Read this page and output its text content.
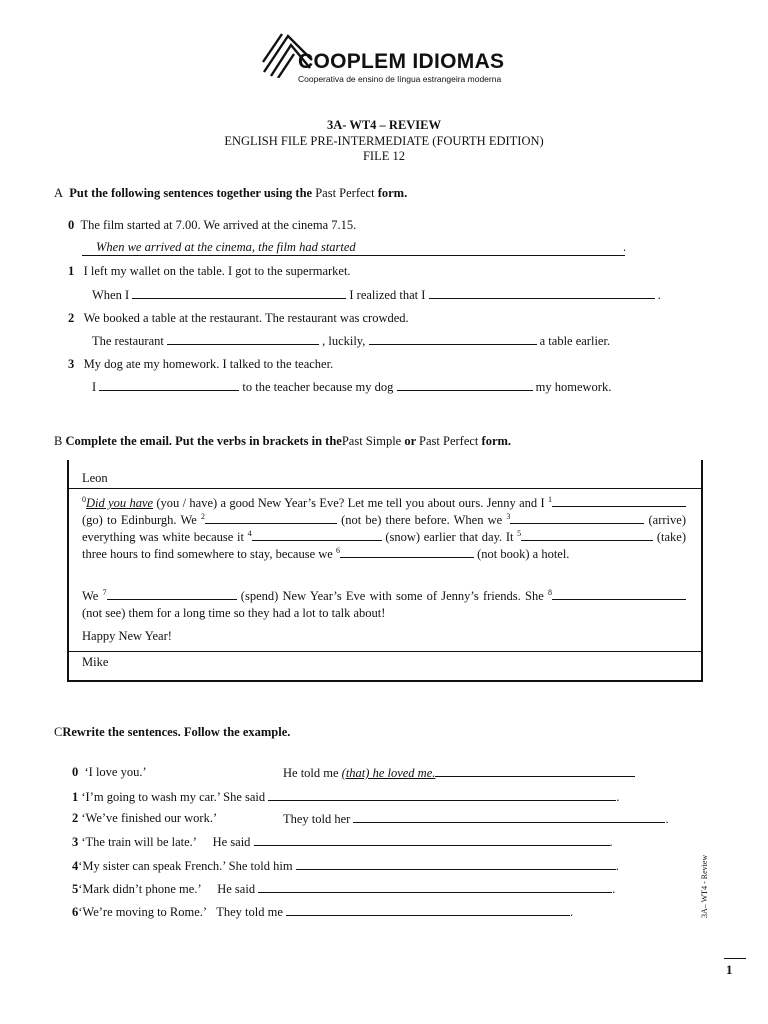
COOPLEM IDIOMAS
Cooperativa de ensino de língua estrangeira moderna
3A- WT4 – REVIEW
ENGLISH FILE PRE-INTERMEDIATE (FOURTH EDITION)
FILE 12
A Put the following sentences together using the Past Perfect form.
0 The film started at 7.00. We arrived at the cinema 7.15.
When we arrived at the cinema, the film had started	.
1 I left my wallet on the table. I got to the supermarket.
When I	I realized that I	.
2 We booked a table at the restaurant. The restaurant was crowded.
The restaurant	, luckily,	a table earlier.
3 My dog ate my homework. I talked to the teacher.
I	to the teacher because my dog	my homework.
B Complete the email. Put the verbs in brackets in thePast Simple or Past Perfect form.
Leon

$^0$Did you have (you / have) a good New Year’s Eve? Let me tell you about ours. Jenny and I $^1$ (go) to Edinburgh. We $^2$	(not be) there before. When we $^3$	(arrive) everything was white because it $^4$	(snow) earlier that day. It $^5$	(take) three hours to find somewhere to stay, because we $^6$	(not book) a hotel.

We $^7$	(spend) New Year’s Eve with some of Jenny’s friends. She $^8$ (not see) them for a long time so they had a lot to talk about!

Happy New Year!
Mike
CRewrite the sentences. Follow the example.
0 ‘I love you.’	He told me (that) he loved me.
1 ‘I’m going to wash my car.’ She said	.
2 ‘We’ve finished our work.’	They told her	.
3 ‘The train will be late.’ He said	.
4‘My sister can speak French.’ She told him	.
5‘Mark didn’t phone me.’ He said	.
6‘We’re moving to Rome.’ They told me	.	3A– WT4 - Review
1
